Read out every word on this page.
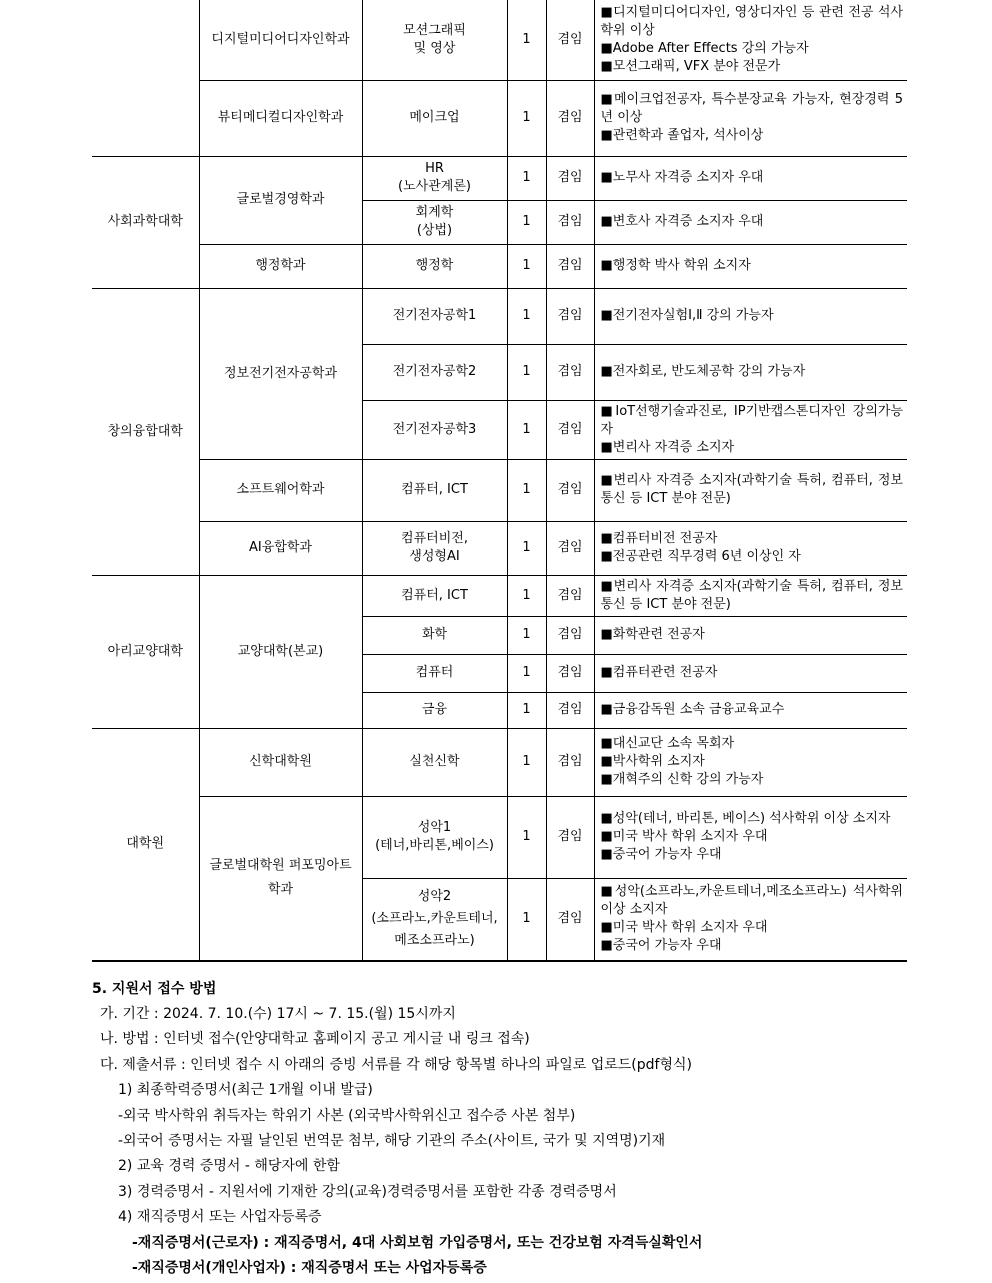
	디지털미디어디자인학과	모션그래픽
및 영상	1	겸임	■디지털미디어디자인, 영상디자인 등 관련 전공 석사학위 이상
■Adobe After Effects 강의 가능자
■모션그래픽, VFX 분야 전문가

	뷰티메디컬디자인학과	메이크업	1	겸임	■메이크업전공자, 특수분장교육 가능자, 현장경력 5년 이상
■관련학과 졸업자, 석사이상

사회과학대학	글로벌경영학과	HR
(노사관계론)	1	겸임	■노무사 자격증 소지자 우대

		회계학
(상법)	1	겸임	■변호사 자격증 소지자 우대
	행정학과	행정학	1	겸임	■행정학 박사 학위 소지자
창의융합대학	정보전기전자공학과	전기전자공학1	1	겸임	■전기전자실험Ⅰ,Ⅱ 강의 가능자
		전기전자공학2	1	겸임	■전자회로, 반도체공학 강의 가능자
		전기전자공학3	1	겸임	■IoT선행기술과진로, IP기반캡스톤디자인 강의가능자
■변리사 자격증 소지자

	소프트웨어학과	컴퓨터, ICT	1	겸임	■변리사 자격증 소지자(과학기술 특허, 컴퓨터, 정보통신 등 ICT 분야 전문)
	AI융합학과	컴퓨터비전,
생성형AI	1	겸임	■컴퓨터비전 전공자
■전공관련 직무경력 6년 이상인 자

아리교양대학	교양대학(본교)	컴퓨터, ICT	1	겸임	■변리사 자격증 소지자(과학기술 특허, 컴퓨터, 정보통신 등 ICT 분야 전문)
		화학	1	겸임	■화학관련 전공자
		컴퓨터	1	겸임	■컴퓨터관련 전공자
		금융	1	겸임	■금융감독원 소속 금융교육교수
대학원	신학대학원	실천신학	1	겸임	■대신교단 소속 목회자
■박사학위 소지자
■개혁주의 신학 강의 가능자

	글로벌대학원 퍼포밍아트학과	성악1
(테너,바리톤,베이스)	1	겸임	■성악(테너, 바리톤, 베이스) 석사학위 이상 소지자
■미국 박사 학위 소지자 우대
■중국어 가능자 우대

		성악2
(소프라노,카운트테너,
메조소프라노)	1	겸임	■성악(소프라노,카운트테너,메조소프라노) 석사학위 이상 소지자
■미국 박사 학위 소지자 우대
■중국어 가능자 우대
5. 지원서 접수 방법
가. 기간 : 2024. 7. 10.(수) 17시 ~ 7. 15.(월) 15시까지
나. 방법 : 인터넷 접수(안양대학교 홈페이지 공고 게시글 내 링크 접속)
다. 제출서류 : 인터넷 접수 시 아래의 증빙 서류를 각 해당 항목별 하나의 파일로 업로드(pdf형식)
1) 최종학력증명서(최근 1개월 이내 발급)
-외국 박사학위 취득자는 학위기 사본 (외국박사학위신고 접수증 사본 첨부)
-외국어 증명서는 자필 날인된 번역문 첨부, 해당 기관의 주소(사이트, 국가 및 지역명)기재
2) 교육 경력 증명서 - 해당자에 한함
3) 경력증명서 - 지원서에 기재한 강의(교육)경력증명서를 포함한 각종 경력증명서
4) 재직증명서 또는 사업자등록증
-재직증명서(근로자) : 재직증명서, 4대 사회보험 가입증명서, 또는 건강보험 자격득실확인서
-재직증명서(개인사업자) : 재직증명서 또는 사업자등록증
